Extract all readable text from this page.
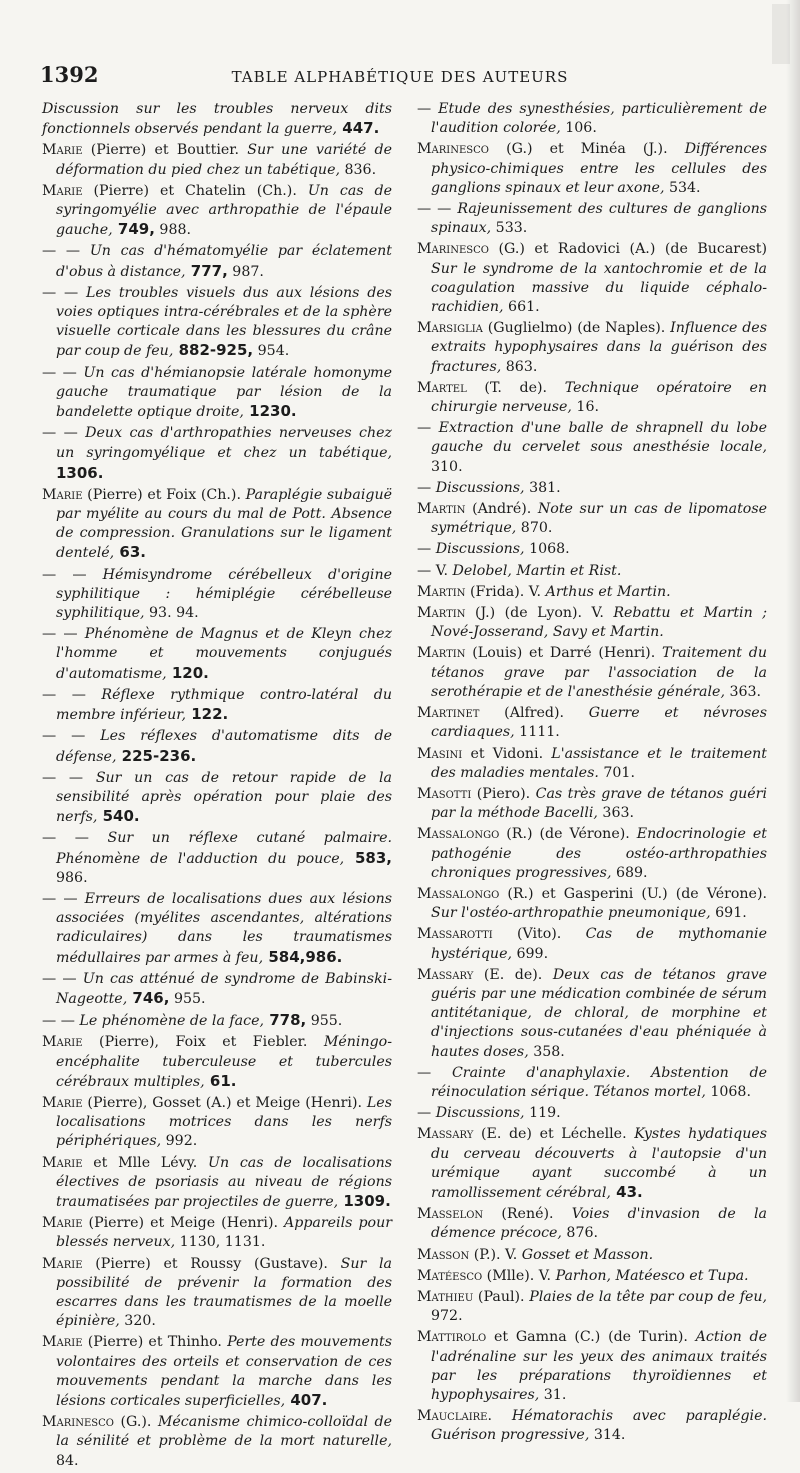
1392	TABLE ALPHABÉTIQUE DES AUTEURS

Discussion sur les troubles nerveux dits fonctionnels observés pendant la guerre, 447.

Marie (Pierre) et Bouttier. Sur une variété de déformation du pied chez un tabétique, 836.

Marie (Pierre) et Chatelin (Ch.). Un cas de syringomyélie avec arthropathie de l'épaule gauche, 749, 988.

— — Un cas d'hématomyélie par éclatement d'obus à distance, 777, 987.

— — Les troubles visuels dus aux lésions des voies optiques intra-cérébrales et de la sphère visuelle corticale dans les blessures du crâne par coup de feu, 882-925, 954.

— — Un cas d'hémianopsie latérale homonyme gauche traumatique par lésion de la bandelette optique droite, 1230.

— — Deux cas d'arthropathies nerveuses chez un syringomyélique et chez un tabétique, 1306.

Marie (Pierre) et Foix (Ch.). Paraplégie subaiguë par myélite au cours du mal de Pott. Absence de compression. Granulations sur le ligament dentelé, 63.

— — Hémisyndrome cérébelleux d'origine syphilitique : hémiplégie cérébelleuse syphilitique, 93. 94.

— — Phénomène de Magnus et de Kleyn chez l'homme et mouvements conjugués d'automatisme, 120.

— — Réflexe rythmique contro-latéral du membre inférieur, 122.

— — Les réflexes d'automatisme dits de défense, 225-236.

— — Sur un cas de retour rapide de la sensibilité après opération pour plaie des nerfs, 540.

— — Sur un réflexe cutané palmaire. Phénomène de l'adduction du pouce, 583, 986.

— — Erreurs de localisations dues aux lésions associées (myélites ascendantes, altérations radiculaires) dans les traumatismes médullaires par armes à feu, 584,986.

— — Un cas atténué de syndrome de Babinski-Nageotte, 746, 955.

— — Le phénomène de la face, 778, 955.

Marie (Pierre), Foix et Fiebler. Méningo-encéphalite tuberculeuse et tubercules cérébraux multiples, 61.

Marie (Pierre), Gosset (A.) et Meige (Henri). Les localisations motrices dans les nerfs périphériques, 992.

Marie et Mlle Lévy. Un cas de localisations électives de psoriasis au niveau de régions traumatisées par projectiles de guerre, 1309.

Marie (Pierre) et Meige (Henri). Appareils pour blessés nerveux, 1130, 1131.

Marie (Pierre) et Roussy (Gustave). Sur la possibilité de prévenir la formation des escarres dans les traumatismes de la moelle épinière, 320.

Marie (Pierre) et Thinho. Perte des mouvements volontaires des orteils et conservation de ces mouvements pendant la marche dans les lésions corticales superficielles, 407.

Marinesco (G.). Mécanisme chimico-colloïdal de la sénilité et problème de la mort naturelle, 84.

— Etude des synesthésies, particulièrement de l'audition colorée, 106.

Marinesco (G.) et Minéa (J.). Différences physico-chimiques entre les cellules des ganglions spinaux et leur axone, 534.

— — Rajeunissement des cultures de ganglions spinaux, 533.

Marinesco (G.) et Radovici (A.) (de Bucarest) Sur le syndrome de la xantochromie et de la coagulation massive du liquide céphalo-rachidien, 661.

Marsiglia (Guglielmo) (de Naples). Influence des extraits hypophysaires dans la guérison des fractures, 863.

Martel (T. de). Technique opératoire en chirurgie nerveuse, 16.

— Extraction d'une balle de shrapnell du lobe gauche du cervelet sous anesthésie locale, 310.

— Discussions, 381.

Martin (André). Note sur un cas de lipomatose symétrique, 870.

— Discussions, 1068.

— V. Delobel, Martin et Rist.

Martin (Frida). V. Arthus et Martin.

Martin (J.) (de Lyon). V. Rebattu et Martin ; Nové-Josserand, Savy et Martin.

Martin (Louis) et Darré (Henri). Traitement du tétanos grave par l'association de la serothérapie et de l'anesthésie générale, 363.

Martinet (Alfred). Guerre et névroses cardiaques, 1111.

Masini et Vidoni. L'assistance et le traitement des maladies mentales. 701.

Masotti (Piero). Cas très grave de tétanos guéri par la méthode Bacelli, 363.

Massalongo (R.) (de Vérone). Endocrinologie et pathogénie des ostéo-arthropathies chroniques progressives, 689.

Massalongo (R.) et Gasperini (U.) (de Vérone). Sur l'ostéo-arthropathie pneumonique, 691.

Massarotti (Vito). Cas de mythomanie hystérique, 699.

Massary (E. de). Deux cas de tétanos grave guéris par une médication combinée de sérum antitétanique, de chloral, de morphine et d'injections sous-cutanées d'eau phéniquée à hautes doses, 358.

— Crainte d'anaphylaxie. Abstention de réinoculation sérique. Tétanos mortel, 1068.

— Discussions, 119.

Massary (E. de) et Léchelle. Kystes hydatiques du cerveau découverts à l'autopsie d'un urémique ayant succombé à un ramollissement cérébral, 43.

Masselon (René). Voies d'invasion de la démence précoce, 876.

Masson (P.). V. Gosset et Masson.

Matéesco (Mlle). V. Parhon, Matéesco et Tupa.

Mathieu (Paul). Plaies de la tête par coup de feu, 972.

Mattirolo et Gamna (C.) (de Turin). Action de l'adrénaline sur les yeux des animaux traités par les préparations thyroïdiennes et hypophysaires, 31.

Mauclaire. Hématorachis avec paraplégie. Guérison progressive, 314.
